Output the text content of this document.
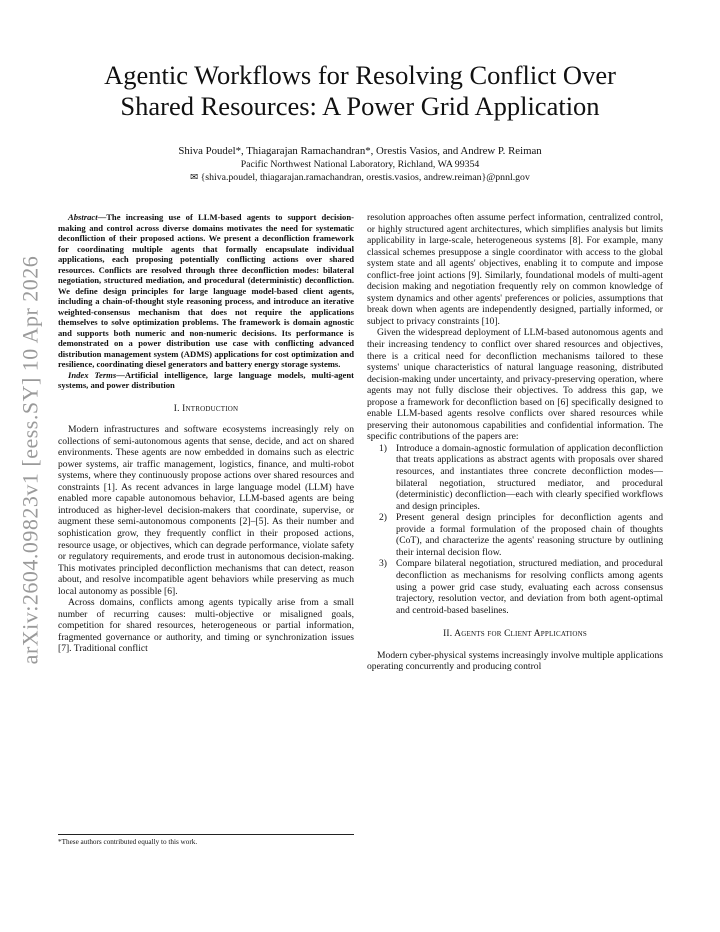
arXiv:2604.09823v1 [eess.SY] 10 Apr 2026
Agentic Workflows for Resolving Conflict Over
Shared Resources: A Power Grid Application
Shiva Poudel*, Thiagarajan Ramachandran*, Orestis Vasios, and Andrew P. Reiman
Pacific Northwest National Laboratory, Richland, WA 99354
✉ {shiva.poudel, thiagarajan.ramachandran, orestis.vasios, andrew.reiman}@pnnl.gov

Abstract—The increasing use of LLM-based agents to support decision-making and control across diverse domains motivates the need for systematic deconfliction of their proposed actions. We present a deconfliction framework for coordinating multiple agents that formally encapsulate individual applications, each proposing potentially conflicting actions over shared resources. Conflicts are resolved through three deconfliction modes: bilateral negotiation, structured mediation, and procedural (deterministic) deconfliction. We define design principles for large language model-based client agents, including a chain-of-thought style reasoning process, and introduce an iterative weighted-consensus mechanism that does not require the applications themselves to solve optimization problems. The framework is domain agnostic and supports both numeric and non-numeric decisions. Its performance is demonstrated on a power distribution use case with conflicting advanced distribution management system (ADMS) applications for cost optimization and resilience, coordinating diesel generators and battery energy storage systems.

Index Terms—Artificial intelligence, large language models, multi-agent systems, and power distribution

I. Introduction

Modern infrastructures and software ecosystems increasingly rely on collections of semi-autonomous agents that sense, decide, and act on shared environments. These agents are now embedded in domains such as electric power systems, air traffic management, logistics, finance, and multi-robot systems, where they continuously propose actions over shared resources and constraints [1]. As recent advances in large language model (LLM) have enabled more capable autonomous behavior, LLM-based agents are being introduced as higher-level decision-makers that coordinate, supervise, or augment these semi-autonomous components [2]–[5]. As their number and sophistication grow, they frequently conflict in their proposed actions, resource usage, or objectives, which can degrade performance, violate safety or regulatory requirements, and erode trust in autonomous decision-making. This motivates principled deconfliction mechanisms that can detect, reason about, and resolve incompatible agent behaviors while preserving as much local autonomy as possible [6].

Across domains, conflicts among agents typically arise from a small number of recurring causes: multi-objective or misaligned goals, competition for shared resources, heterogeneous or partial information, fragmented governance or authority, and timing or synchronization issues [7]. Traditional conflict

*These authors contributed equally to this work.

resolution approaches often assume perfect information, centralized control, or highly structured agent architectures, which simplifies analysis but limits applicability in large-scale, heterogeneous systems [8]. For example, many classical schemes presuppose a single coordinator with access to the global system state and all agents' objectives, enabling it to compute and impose conflict-free joint actions [9]. Similarly, foundational models of multi-agent decision making and negotiation frequently rely on common knowledge of system dynamics and other agents' preferences or policies, assumptions that break down when agents are independently designed, partially informed, or subject to privacy constraints [10].

Given the widespread deployment of LLM-based autonomous agents and their increasing tendency to conflict over shared resources and objectives, there is a critical need for deconfliction mechanisms tailored to these systems' unique characteristics of natural language reasoning, distributed decision-making under uncertainty, and privacy-preserving operation, where agents may not fully disclose their objectives. To address this gap, we propose a framework for deconfliction based on [6] specifically designed to enable LLM-based agents resolve conflicts over shared resources while preserving their autonomous capabilities and confidential information. The specific contributions of the papers are:

1) Introduce a domain-agnostic formulation of application deconfliction that treats applications as abstract agents with proposals over shared resources, and instantiates three concrete deconfliction modes—bilateral negotiation, structured mediator, and procedural (deterministic) deconfliction—each with clearly specified workflows and design principles.
2) Present general design principles for deconfliction agents and provide a formal formulation of the proposed chain of thoughts (CoT), and characterize the agents' reasoning structure by outlining their internal decision flow.
3) Compare bilateral negotiation, structured mediation, and procedural deconfliction as mechanisms for resolving conflicts among agents using a power grid case study, evaluating each across consensus trajectory, resolution vector, and deviation from both agent-optimal and centroid-based baselines.
II. Agents for Client Applications

Modern cyber-physical systems increasingly involve multiple applications operating concurrently and producing control
